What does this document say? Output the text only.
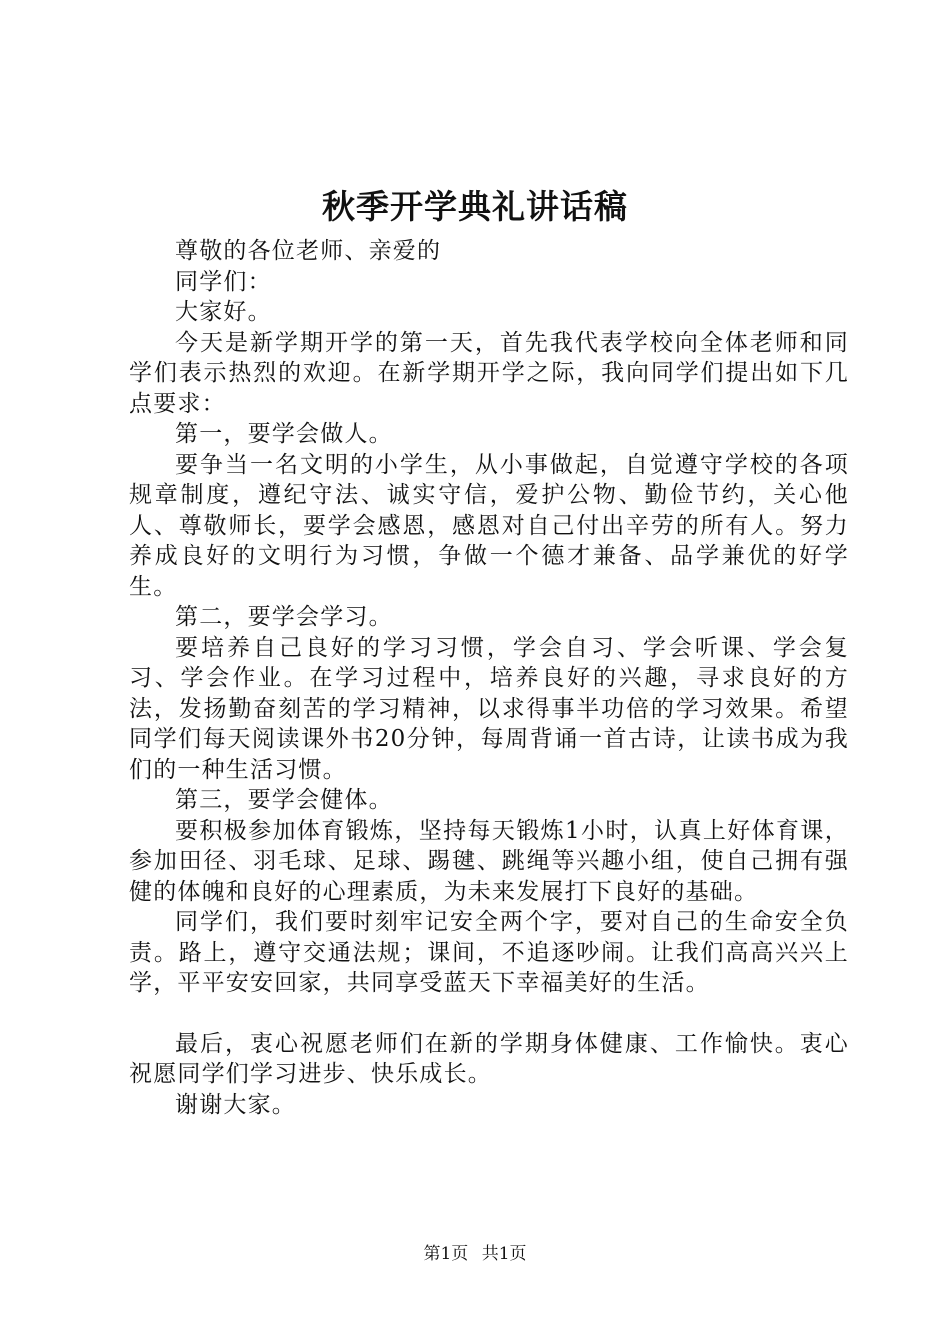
秋季开学典礼讲话稿

尊敬的各位老师、亲爱的

同学们：

大家好。

今天是新学期开学的第一天，首先我代表学校向全体老师和同学们表示热烈的欢迎。在新学期开学之际，我向同学们提出如下几点要求：

第一，要学会做人。

要争当一名文明的小学生，从小事做起，自觉遵守学校的各项规章制度，遵纪守法、诚实守信，爱护公物、勤俭节约，关心他人、尊敬师长，要学会感恩，感恩对自己付出辛劳的所有人。努力养成良好的文明行为习惯，争做一个德才兼备、品学兼优的好学生。

第二，要学会学习。

要培养自己良好的学习习惯，学会自习、学会听课、学会复习、学会作业。在学习过程中，培养良好的兴趣，寻求良好的方法，发扬勤奋刻苦的学习精神，以求得事半功倍的学习效果。希望同学们每天阅读课外书20分钟，每周背诵一首古诗，让读书成为我们的一种生活习惯。

第三，要学会健体。

要积极参加体育锻炼，坚持每天锻炼1小时，认真上好体育课，参加田径、羽毛球、足球、踢毽、跳绳等兴趣小组，使自己拥有强健的体魄和良好的心理素质，为未来发展打下良好的基础。

同学们，我们要时刻牢记安全两个字，要对自己的生命安全负责。路上，遵守交通法规；课间，不追逐吵闹。让我们高高兴兴上学，平平安安回家，共同享受蓝天下幸福美好的生活。

最后，衷心祝愿老师们在新的学期身体健康、工作愉快。衷心祝愿同学们学习进步、快乐成长。

谢谢大家。

第1页 共1页
